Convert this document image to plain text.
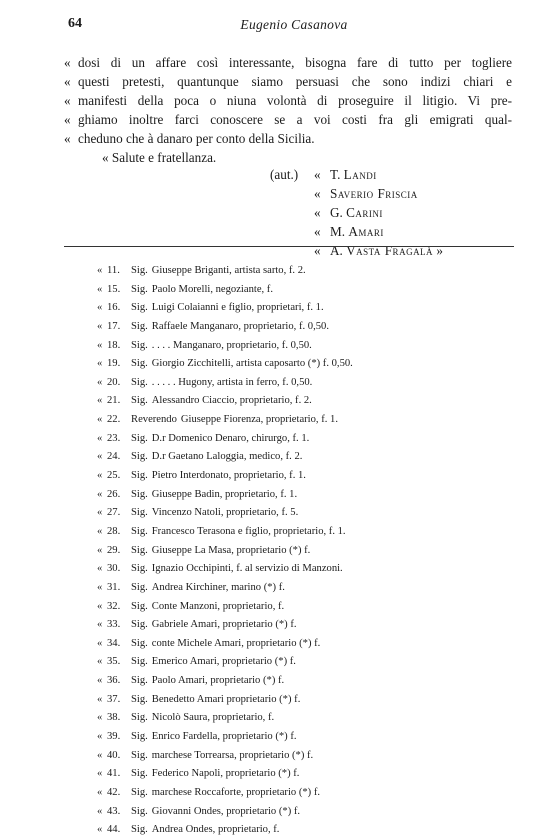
64	Eugenio Casanova
« dosi di un affare così interessante, bisogna fare di tutto per togliere
« questi pretesti, quantunque siamo persuasi che sono indizi chiari e
« manifesti della poca o niuna volontà di proseguire il litigio. Vi pre-
« ghiamo inoltre farci conoscere se a voi costi fra gli emigrati qual-
« cheduno che à danaro per conto della Sicilia.
« Salute e fratellanza.
(aut.) « T. Landi
« Saverio Friscia
« G. Carini
« M. Amari
« A. Vasta Fragalà »
« 11. Sig. Giuseppe Briganti, artista sarto, f. 2.
« 15. Sig. Paolo Morelli, negoziante, f.
« 16. Sig. Luigi Colaianni e figlio, proprietari, f. 1.
« 17. Sig. Raffaele Manganaro, proprietario, f. 0,50.
« 18. Sig. . . . . Manganaro, proprietario, f. 0,50.
« 19. Sig. Giorgio Zicchitelli, artista caposarto (*) f. 0,50.
« 20. Sig. . . . . . Hugony, artista in ferro, f. 0,50.
« 21. Sig. Alessandro Ciaccio, proprietario, f. 2.
« 22. Reverendo Giuseppe Fiorenza, proprietario, f. 1.
« 23. Sig. D.r Domenico Denaro, chirurgo, f. 1.
« 24. Sig. D.r Gaetano Laloggia, medico, f. 2.
« 25. Sig. Pietro Interdonato, proprietario, f. 1.
« 26. Sig. Giuseppe Badin, proprietario, f. 1.
« 27. Sig. Vincenzo Natoli, proprietario, f. 5.
« 28. Sig. Francesco Terasona e figlio, proprietario, f. 1.
« 29. Sig. Giuseppe La Masa, proprietario (*) f.
« 30. Sig. Ignazio Occhipinti, f. al servizio di Manzoni.
« 31. Sig. Andrea Kirchiner, marino (*) f.
« 32. Sig. Conte Manzoni, proprietario, f.
« 33. Sig. Gabriele Amari, proprietario (*) f.
« 34. Sig. conte Michele Amari, proprietario (*) f.
« 35. Sig. Emerico Amari, proprietario (*) f.
« 36. Sig. Paolo Amari, proprietario (*) f.
« 37. Sig. Benedetto Amari proprietario (*) f.
« 38. Sig. Nicolò Saura, proprietario, f.
« 39. Sig. Enrico Fardella, proprietario (*) f.
« 40. Sig. marchese Torrearsa, proprietario (*) f.
« 41. Sig. Federico Napoli, proprietario (*) f.
« 42. Sig. marchese Roccaforte, proprietario (*) f.
« 43. Sig. Giovanni Ondes, proprietario (*) f.
« 44. Sig. Andrea Ondes, proprietario, f.
